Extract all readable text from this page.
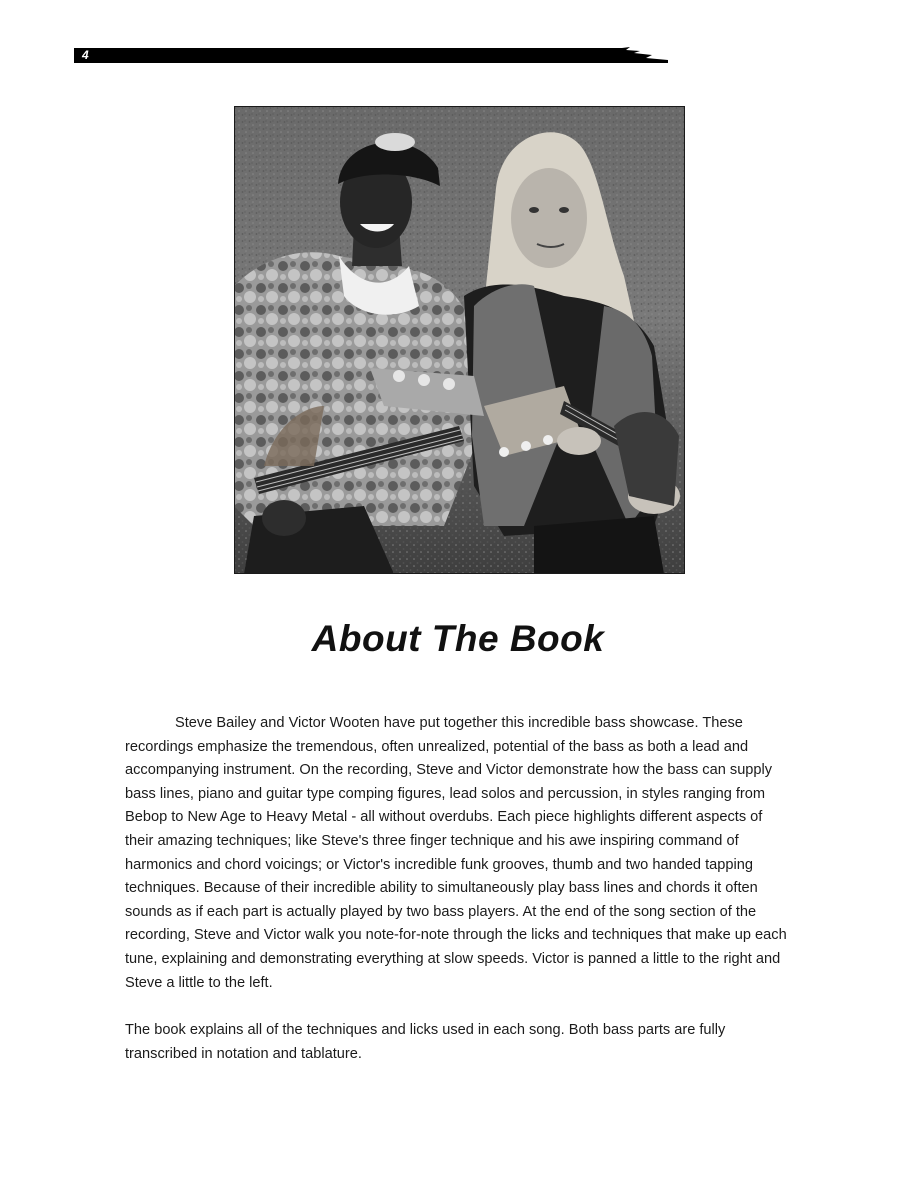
4
About The Book

Steve Bailey and Victor Wooten have put together this incredible bass showcase. These recordings emphasize the tremendous, often unrealized, potential of the bass as both a lead and accompanying instrument. On the recording, Steve and Victor demonstrate how the bass can supply bass lines, piano and guitar type comping figures, lead solos and percussion, in styles ranging from Bebop to New Age to Heavy Metal - all without overdubs. Each piece highlights different aspects of their amazing techniques; like Steve's three finger technique and his awe inspiring command of harmonics and chord voicings; or Victor's incredible funk grooves, thumb and two handed tapping techniques. Because of their incredible ability to simultaneously play bass lines and chords it often sounds as if each part is actually played by two bass players. At the end of the song section of the recording, Steve and Victor walk you note-for-note through the licks and techniques that make up each tune, explaining and demonstrating everything at slow speeds. Victor is panned a little to the right and Steve a little to the left.

The book explains all of the techniques and licks used in each song. Both bass parts are fully transcribed in notation and tablature.
